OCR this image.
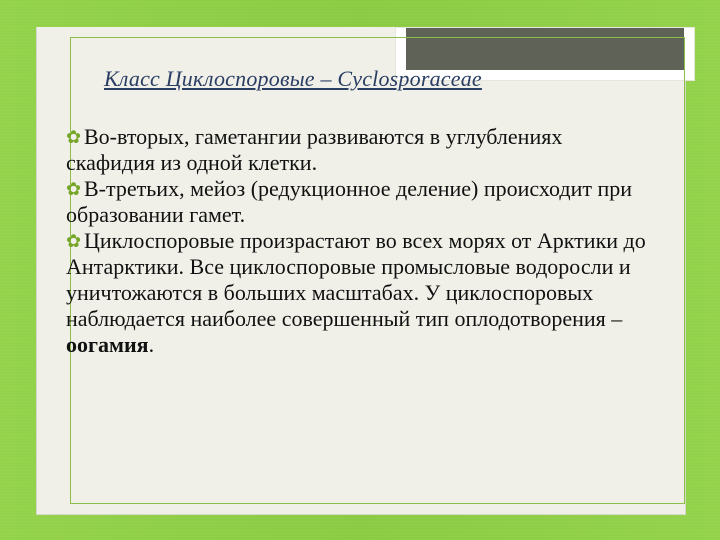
Класс Циклоспоровые – Cyclosporaceae

✿ Во-вторых, гаметангии развиваются в углублениях скафидия из одной клетки.

✿ В-третьих, мейоз (редукционное деление) происходит при образовании гамет.

✿ Циклоспоровые произрастают во всех морях от Арктики до Антарктики. Все циклоспоровые промысловые водоросли и уничтожаются в больших масштабах. У циклоспоровых наблюдается наиболее совершенный тип оплодотворения – оогамия.
